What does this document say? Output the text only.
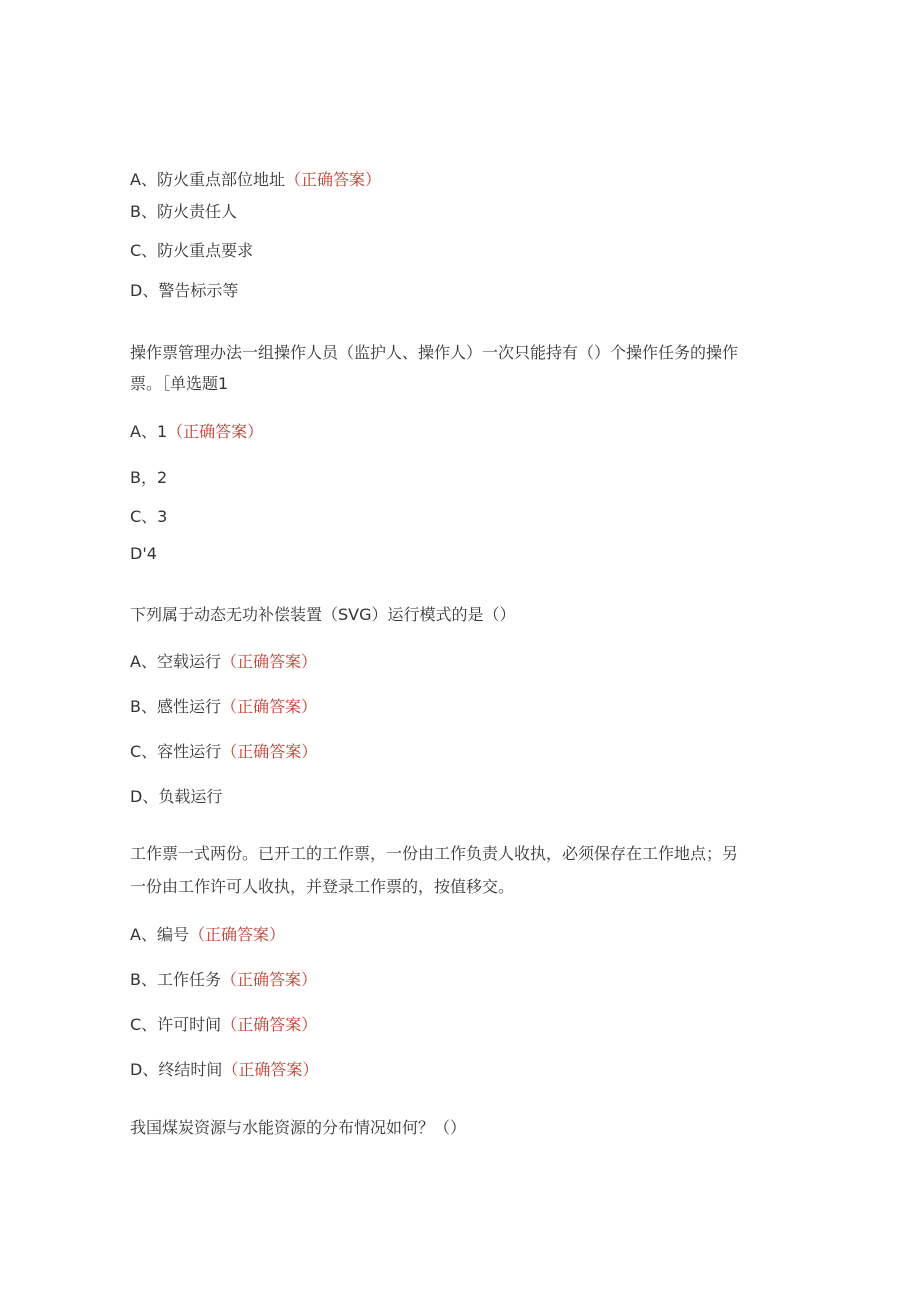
A、防火重点部位地址（正确答案）
B、防火责任人
C、防火重点要求
D、警告标示等
操作票管理办法一组操作人员（监护人、操作人）一次只能持有（）个操作任务的操作
票。［单选题1
A、1（正确答案）
B，2
C、3
D'4
下列属于动态无功补偿装置（SVG）运行模式的是（）
A、空载运行（正确答案）
B、感性运行（正确答案）
C、容性运行（正确答案）
D、负载运行
工作票一式两份。已开工的工作票，一份由工作负责人收执，必须保存在工作地点；另
一份由工作许可人收执，并登录工作票的，按值移交。
A、编号（正确答案）
B、工作任务（正确答案）
C、许可时间（正确答案）
D、终结时间（正确答案）
我国煤炭资源与水能资源的分布情况如何？（）
